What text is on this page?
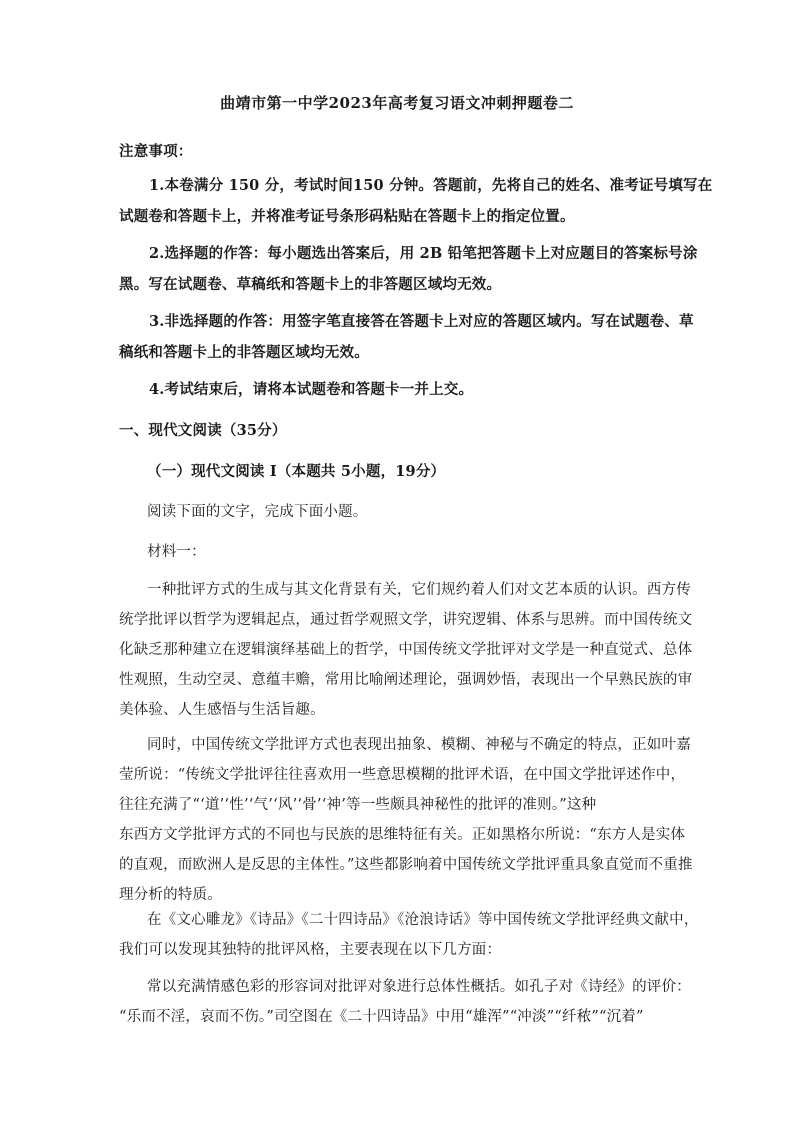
曲靖市第一中学2023年高考复习语文冲刺押题卷二
注意事项：
1.本卷满分 150 分，考试时间150 分钟。答题前，先将自己的姓名、准考证号填写在
试题卷和答题卡上，并将准考证号条形码粘贴在答题卡上的指定位置。
2.选择题的作答：每小题选出答案后，用 2B 铅笔把答题卡上对应题目的答案标号涂
黑。写在试题卷、草稿纸和答题卡上的非答题区域均无效。
3.非选择题的作答：用签字笔直接答在答题卡上对应的答题区域内。写在试题卷、草
稿纸和答题卡上的非答题区域均无效。
4.考试结束后，请将本试题卷和答题卡一并上交。
一、现代文阅读（35分）
（一）现代文阅读 I（本题共 5小题，19分）
阅读下面的文字，完成下面小题。
材料一：
一种批评方式的生成与其文化背景有关，它们规约着人们对文艺本质的认识。西方传
统学批评以哲学为逻辑起点，通过哲学观照文学，讲究逻辑、体系与思辨。而中国传统文
化缺乏那种建立在逻辑演绎基础上的哲学，中国传统文学批评对文学是一种直觉式、总体
性观照，生动空灵、意蕴丰赡，常用比喻阐述理论，强调妙悟，表现出一个早熟民族的审
美体验、人生感悟与生活旨趣。
同时，中国传统文学批评方式也表现出抽象、模糊、神秘与不确定的特点，正如叶嘉
莹所说：“传统文学批评往往喜欢用一些意思模糊的批评术语，在中国文学批评述作中，
往往充满了“‘道’‘性’‘气’‘风’‘骨’‘神’等一些颇具神秘性的批评的准则。”这种
东西方文学批评方式的不同也与民族的思维特征有关。正如黑格尔所说：“东方人是实体
的直观，而欧洲人是反思的主体性。”这些都影响着中国传统文学批评重具象直觉而不重推
理分析的特质。
在《文心雕龙》《诗品》《二十四诗品》《沧浪诗话》等中国传统文学批评经典文献中，
我们可以发现其独特的批评风格，主要表现在以下几方面：
常以充满情感色彩的形容词对批评对象进行总体性概括。如孔子对《诗经》的评价：
“乐而不淫，哀而不伤。”司空图在《二十四诗品》中用“雄浑”“冲淡”“纤秾”“沉着”
